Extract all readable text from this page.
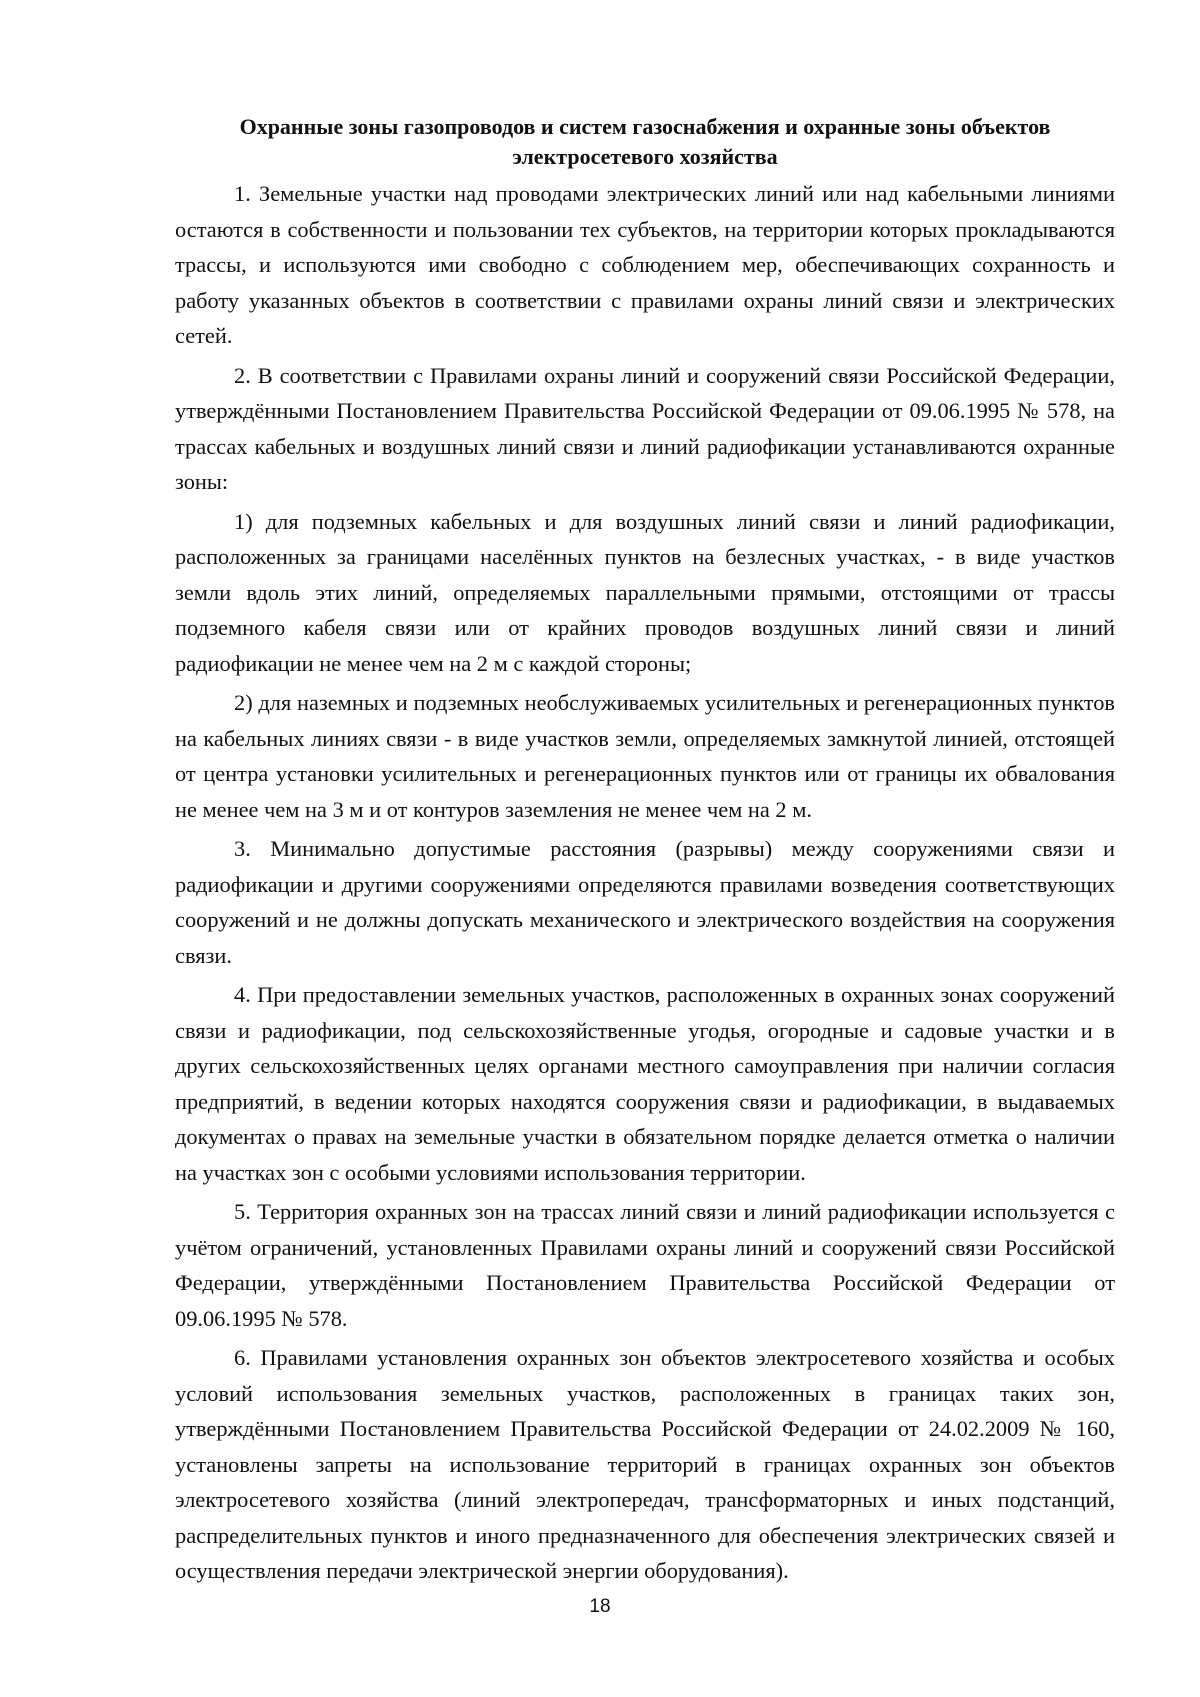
Охранные зоны газопроводов и систем газоснабжения и охранные зоны объектов электросетевого хозяйства

1. Земельные участки над проводами электрических линий или над кабельными линиями остаются в собственности и пользовании тех субъектов, на территории которых прокладываются трассы, и используются ими свободно с соблюдением мер, обеспечивающих сохранность и работу указанных объектов в соответствии с правилами охраны линий связи и электрических сетей.

2. В соответствии с Правилами охраны линий и сооружений связи Российской Федерации, утверждёнными Постановлением Правительства Российской Федерации от 09.06.1995 № 578, на трассах кабельных и воздушных линий связи и линий радиофикации устанавливаются охранные зоны:

1) для подземных кабельных и для воздушных линий связи и линий радиофикации, расположенных за границами населённых пунктов на безлесных участках, - в виде участков земли вдоль этих линий, определяемых параллельными прямыми, отстоящими от трассы подземного кабеля связи или от крайних проводов воздушных линий связи и линий радиофикации не менее чем на 2 м с каждой стороны;

2) для наземных и подземных необслуживаемых усилительных и регенерационных пунктов на кабельных линиях связи - в виде участков земли, определяемых замкнутой линией, отстоящей от центра установки усилительных и регенерационных пунктов или от границы их обвалования не менее чем на 3 м и от контуров заземления не менее чем на 2 м.

3. Минимально допустимые расстояния (разрывы) между сооружениями связи и радиофикации и другими сооружениями определяются правилами возведения соответствующих сооружений и не должны допускать механического и электрического воздействия на сооружения связи.

4. При предоставлении земельных участков, расположенных в охранных зонах сооружений связи и радиофикации, под сельскохозяйственные угодья, огородные и садовые участки и в других сельскохозяйственных целях органами местного самоуправления при наличии согласия предприятий, в ведении которых находятся сооружения связи и радиофикации, в выдаваемых документах о правах на земельные участки в обязательном порядке делается отметка о наличии на участках зон с особыми условиями использования территории.

5. Территория охранных зон на трассах линий связи и линий радиофикации используется с учётом ограничений, установленных Правилами охраны линий и сооружений связи Российской Федерации, утверждёнными Постановлением Правительства Российской Федерации от 09.06.1995 № 578.

6. Правилами установления охранных зон объектов электросетевого хозяйства и особых условий использования земельных участков, расположенных в границах таких зон, утверждёнными Постановлением Правительства Российской Федерации от 24.02.2009 № 160, установлены запреты на использование территорий в границах охранных зон объектов электросетевого хозяйства (линий электропередач, трансформаторных и иных подстанций, распределительных пунктов и иного предназначенного для обеспечения электрических связей и осуществления передачи электрической энергии оборудования).

18
